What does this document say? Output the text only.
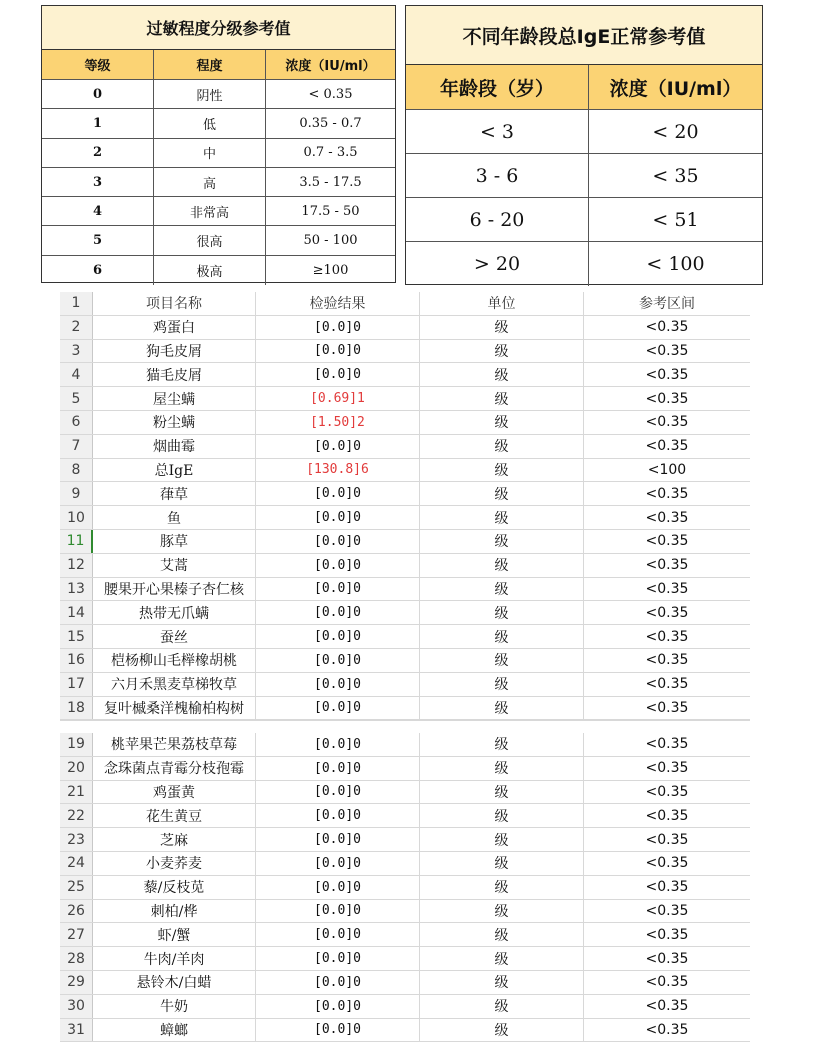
过敏程度分级参考值
等级	程度	浓度（IU/ml）
0	阴性	< 0.35
1	低	0.35 - 0.7
2	中	0.7 - 3.5
3	高	3.5 - 17.5
4	非常高	17.5 - 50
5	很高	50 - 100
6	极高	≥100
不同年龄段总IgE正常参考值
年龄段（岁）	浓度（IU/ml）
< 3	< 20
3 - 6	< 35
6 - 20	< 51
> 20	< 100
1	项目名称	检验结果	单位	参考区间
2	鸡蛋白	[0.0]0	级	<0.35
3	狗毛皮屑	[0.0]0	级	<0.35
4	猫毛皮屑	[0.0]0	级	<0.35
5	屋尘螨	[0.69]1	级	<0.35
6	粉尘螨	[1.50]2	级	<0.35
7	烟曲霉	[0.0]0	级	<0.35
8	总IgE	[130.8]6	级	<100
9	葎草	[0.0]0	级	<0.35
10	鱼	[0.0]0	级	<0.35
11	豚草	[0.0]0	级	<0.35
12	艾蒿	[0.0]0	级	<0.35
13	腰果开心果榛子杏仁核	[0.0]0	级	<0.35
14	热带无爪螨	[0.0]0	级	<0.35
15	蚕丝	[0.0]0	级	<0.35
16	桤杨柳山毛榉橡胡桃	[0.0]0	级	<0.35
17	六月禾黑麦草梯牧草	[0.0]0	级	<0.35
18	复叶槭桑洋槐榆柏构树	[0.0]0	级	<0.35
19	桃苹果芒果荔枝草莓	[0.0]0	级	<0.35
20	念珠菌点青霉分枝孢霉	[0.0]0	级	<0.35
21	鸡蛋黄	[0.0]0	级	<0.35
22	花生黄豆	[0.0]0	级	<0.35
23	芝麻	[0.0]0	级	<0.35
24	小麦荞麦	[0.0]0	级	<0.35
25	藜/反枝苋	[0.0]0	级	<0.35
26	刺柏/桦	[0.0]0	级	<0.35
27	虾/蟹	[0.0]0	级	<0.35
28	牛肉/羊肉	[0.0]0	级	<0.35
29	悬铃木/白蜡	[0.0]0	级	<0.35
30	牛奶	[0.0]0	级	<0.35
31	蟑螂	[0.0]0	级	<0.35
